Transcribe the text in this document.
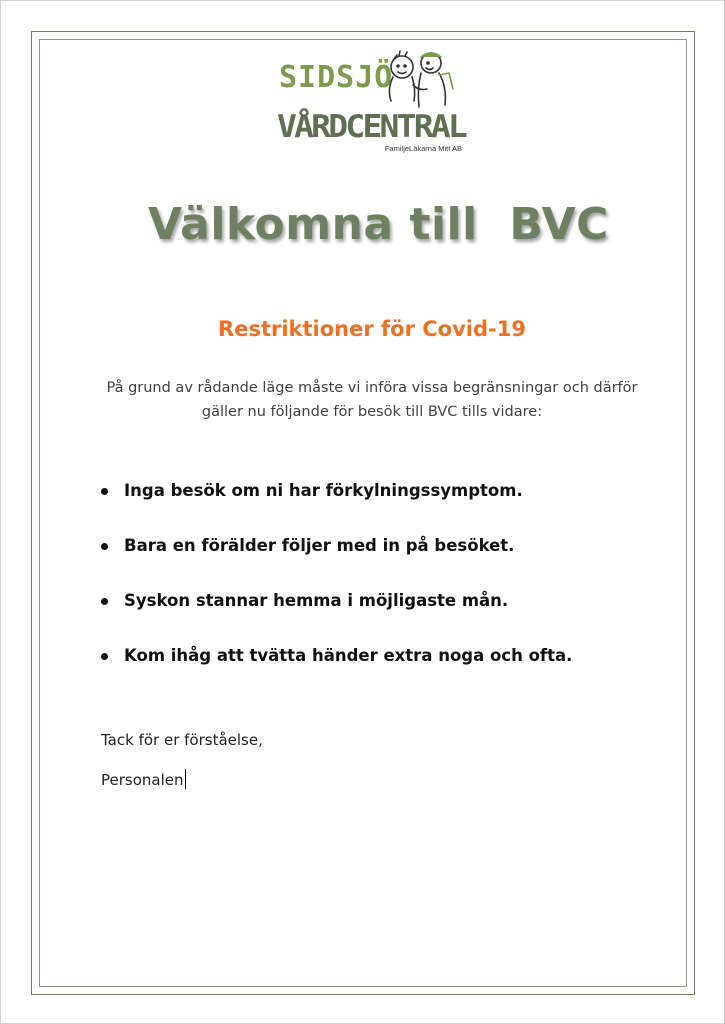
SIDSJÖ
VÅRDCENTRAL
FamiljeLäkarna Mitt AB
Välkomna till  BVC
Restriktioner för Covid-19
På grund av rådande läge måste vi införa vissa begränsningar och därför gäller nu följande för besök till BVC tills vidare:
Inga besök om ni har förkylningssymptom.
Bara en förälder följer med in på besöket.
Syskon stannar hemma i möjligaste mån.
Kom ihåg att tvätta händer extra noga och ofta.
Tack för er förståelse,
Personalen
